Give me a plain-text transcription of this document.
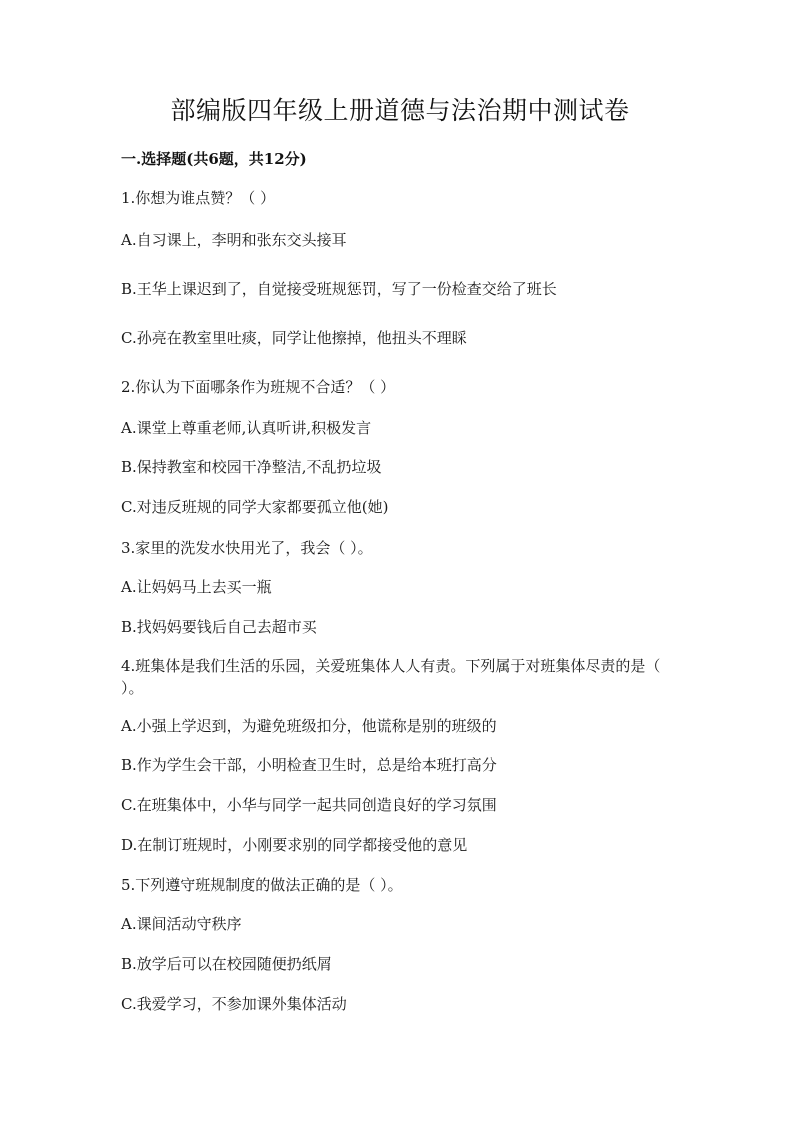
部编版四年级上册道德与法治期中测试卷
一.选择题(共6题，共12分)
1.你想为谁点赞？（ ）
A.自习课上，李明和张东交头接耳
B.王华上课迟到了，自觉接受班规惩罚，写了一份检查交给了班长
C.孙亮在教室里吐痰，同学让他擦掉，他扭头不理睬
2.你认为下面哪条作为班规不合适？（ ）
A.课堂上尊重老师,认真听讲,积极发言
B.保持教室和校园干净整洁,不乱扔垃圾
C.对违反班规的同学大家都要孤立他(她)
3.家里的洗发水快用光了，我会（ ）。
A.让妈妈马上去买一瓶
B.找妈妈要钱后自己去超市买
4.班集体是我们生活的乐园，关爱班集体人人有责。下列属于对班集体尽责的是（ ）。
A.小强上学迟到，为避免班级扣分，他谎称是别的班级的
B.作为学生会干部，小明检查卫生时，总是给本班打高分
C.在班集体中，小华与同学一起共同创造良好的学习氛围
D.在制订班规时，小刚要求别的同学都接受他的意见
5.下列遵守班规制度的做法正确的是（ ）。
A.课间活动守秩序
B.放学后可以在校园随便扔纸屑
C.我爱学习，不参加课外集体活动
